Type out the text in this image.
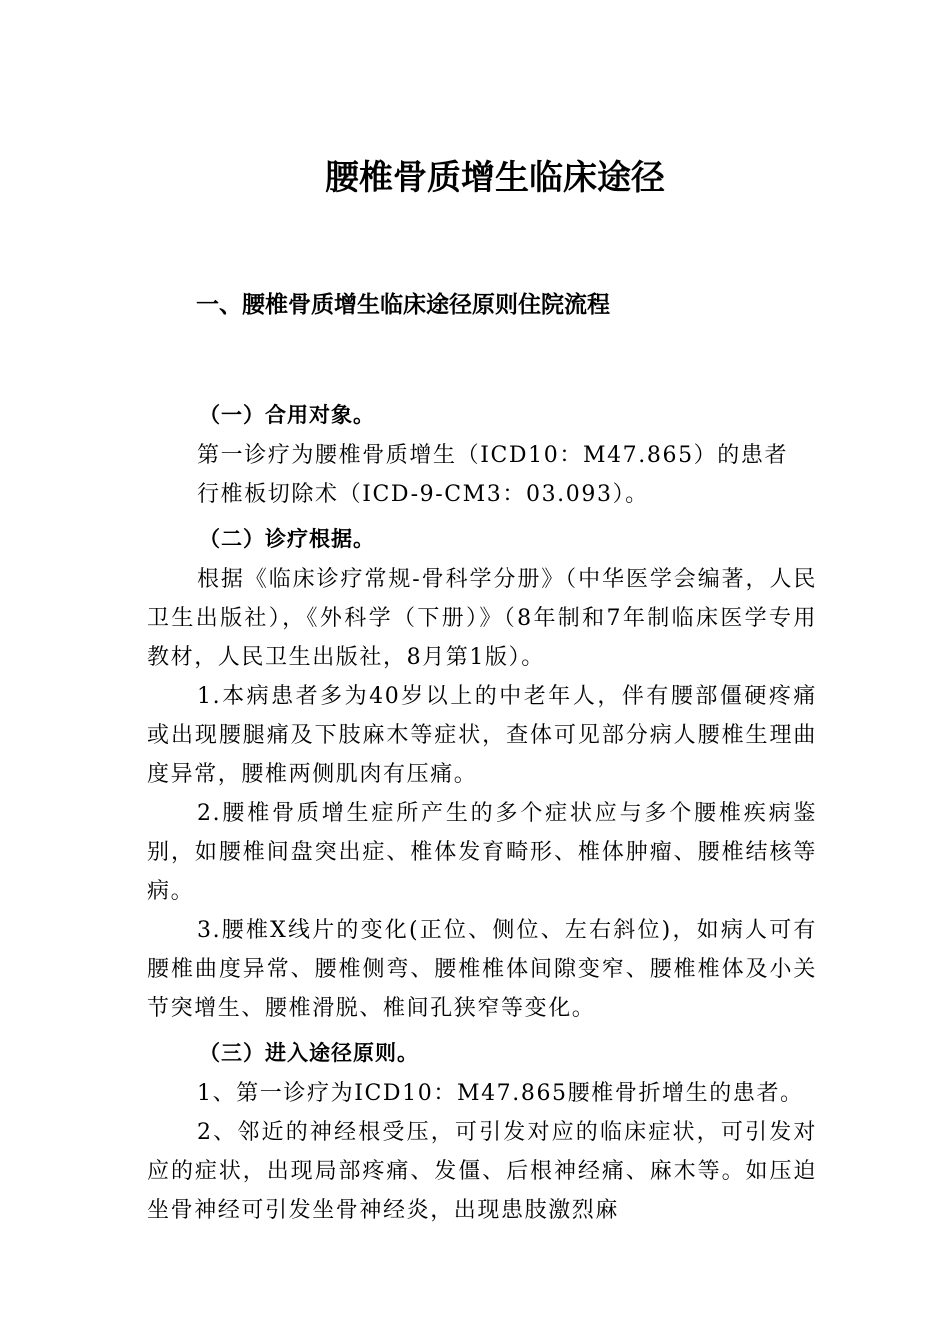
腰椎骨质增生临床途径
一、腰椎骨质增生临床途径原则住院流程
（一）合用对象。
第一诊疗为腰椎骨质增生（ICD10：M47.865）的患者
行椎板切除术（ICD-9-CM3：03.093）。
（二）诊疗根据。

根据《临床诊疗常规-骨科学分册》（中华医学会编著，人民卫生出版社），《外科学（下册）》（8年制和7年制临床医学专用教材，人民卫生出版社，8月第1版）。

1.本病患者多为40岁以上的中老年人，伴有腰部僵硬疼痛或出现腰腿痛及下肢麻木等症状，查体可见部分病人腰椎生理曲度异常，腰椎两侧肌肉有压痛。

2.腰椎骨质增生症所产生的多个症状应与多个腰椎疾病鉴别，如腰椎间盘突出症、椎体发育畸形、椎体肿瘤、腰椎结核等病。

3.腰椎X线片的变化(正位、侧位、左右斜位)，如病人可有腰椎曲度异常、腰椎侧弯、腰椎椎体间隙变窄、腰椎椎体及小关节突增生、腰椎滑脱、椎间孔狭窄等变化。

（三）进入途径原则。

1、第一诊疗为ICD10：M47.865腰椎骨折增生的患者。

2、邻近的神经根受压，可引发对应的临床症状，可引发对应的症状，出现局部疼痛、发僵、后根神经痛、麻木等。如压迫坐骨神经可引发坐骨神经炎，出现患肢激烈麻
